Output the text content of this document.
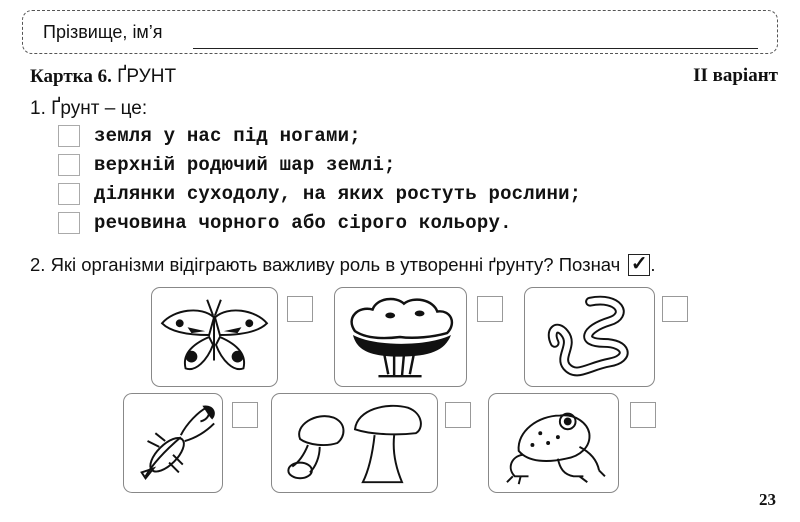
Прізвище, ім’я
Картка 6. ҐРУНТ	II варіант
1. Ґрунт – це:
земля у нас під ногами;
верхній родючий шар землі;
ділянки суходолу, на яких ростуть рослини;
речовина чорного або сірого кольору.
2. Які організми відіграють важливу роль в утворенні ґрунту? Познач ✓ .
23
